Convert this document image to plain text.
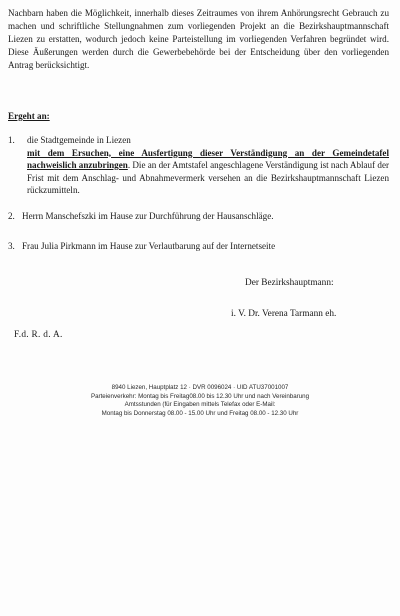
Nachbarn haben die Möglichkeit, innerhalb dieses Zeitraumes von ihrem Anhörungsrecht Gebrauch zu machen und schriftliche Stellungnahmen zum vorliegenden Projekt an die Bezirkshauptmannschaft Liezen zu erstatten, wodurch jedoch keine Parteistellung im vorliegenden Verfahren begründet wird. Diese Äußerungen werden durch die Gewerbebehörde bei der Entscheidung über den vorliegenden Antrag berücksichtigt.
Ergeht an:
1. die Stadtgemeinde in Liezen
mit dem Ersuchen, eine Ausfertigung dieser Verständigung an der Gemeindetafel nachweislich anzubringen. Die an der Amtstafel angeschlagene Verständigung ist nach Ablauf der Frist mit dem Anschlag- und Abnahmevermerk versehen an die Bezirkshauptmannschaft Liezen rückzumitteln.
2. Herrn Manschefszki im Hause zur Durchführung der Hausanschläge.
3. Frau Julia Pirkmann im Hause zur Verlautbarung auf der Internetseite
Der Bezirkshauptmann:
i. V. Dr. Verena Tarmann eh.
F.d. R. d. A.
8940 Liezen, Hauptplatz 12 · DVR 0096024 · UID ATU37001007
Parteienverkehr: Montag bis Freitag08.00 bis 12.30 Uhr und nach Vereinbarung
Amtsstunden (für Eingaben mittels Telefax oder E-Mail:
Montag bis Donnerstag 08.00 - 15.00 Uhr und Freitag 08.00 - 12.30 Uhr
